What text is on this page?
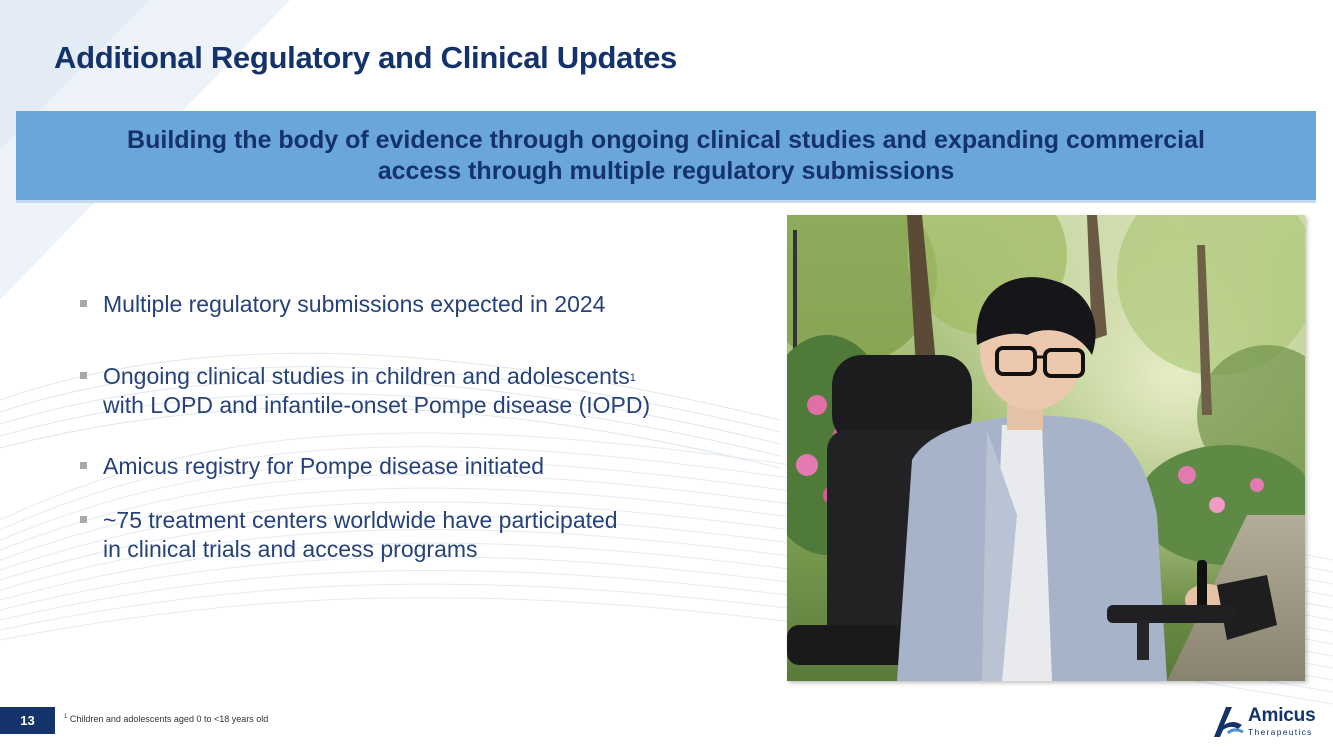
Additional Regulatory and Clinical Updates
Building the body of evidence through ongoing clinical studies and expanding commercial
access through multiple regulatory submissions
Multiple regulatory submissions expected in 2024
Ongoing clinical studies in children and adolescents$^1$
with LOPD and infantile-onset Pompe disease (IOPD)
Amicus registry for Pompe disease initiated
~75 treatment centers worldwide have participated
in clinical trials and access programs
13	$^1$ Children and adolescents aged 0 to <18 years old	Amicus
Therapeutics
